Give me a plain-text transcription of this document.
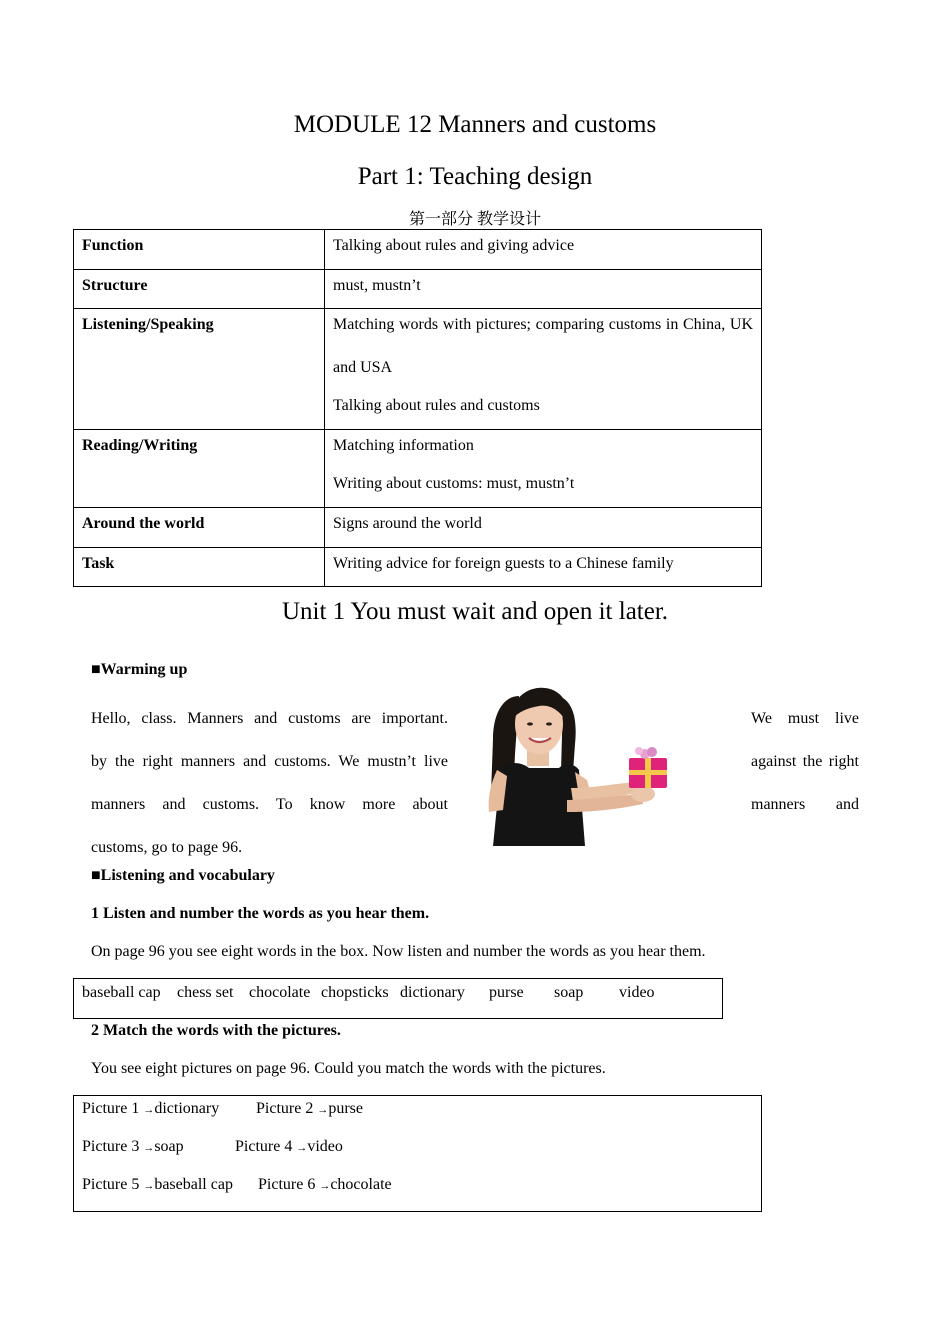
MODULE 12 Manners and customs
Part 1: Teaching design
第一部分 教学设计
Function	Talking about rules and giving advice

Structure	must, mustn’t

Listening/Speaking	Matching words with pictures; comparing customs in China, UK and USA

Talking about rules and customs

Reading/Writing	Matching information

Writing about customs: must, mustn’t

Around the world	Signs around the world

Task	Writing advice for foreign guests to a Chinese family

Unit 1 You must wait and open it later.
■Warming up
Hello, class. Manners and customs are important.
by the right manners and customs. We mustn’t live
manners and customs. To know more about
customs, go to page 96.
We must live
against the right
manners and
■Listening and vocabulary
1 Listen and number the words as you hear them.
On page 96 you see eight words in the box. Now listen and number the words as you hear them.
baseball cap chess set chocolate chopsticks dictionary purse soap video
2 Match the words with the pictures.
You see eight pictures on page 96. Could you match the words with the pictures.
Picture 1 →dictionary Picture 2 →purse
Picture 3 →soap	Picture 4 →video
Picture 5 →baseball cap Picture 6 →chocolate
